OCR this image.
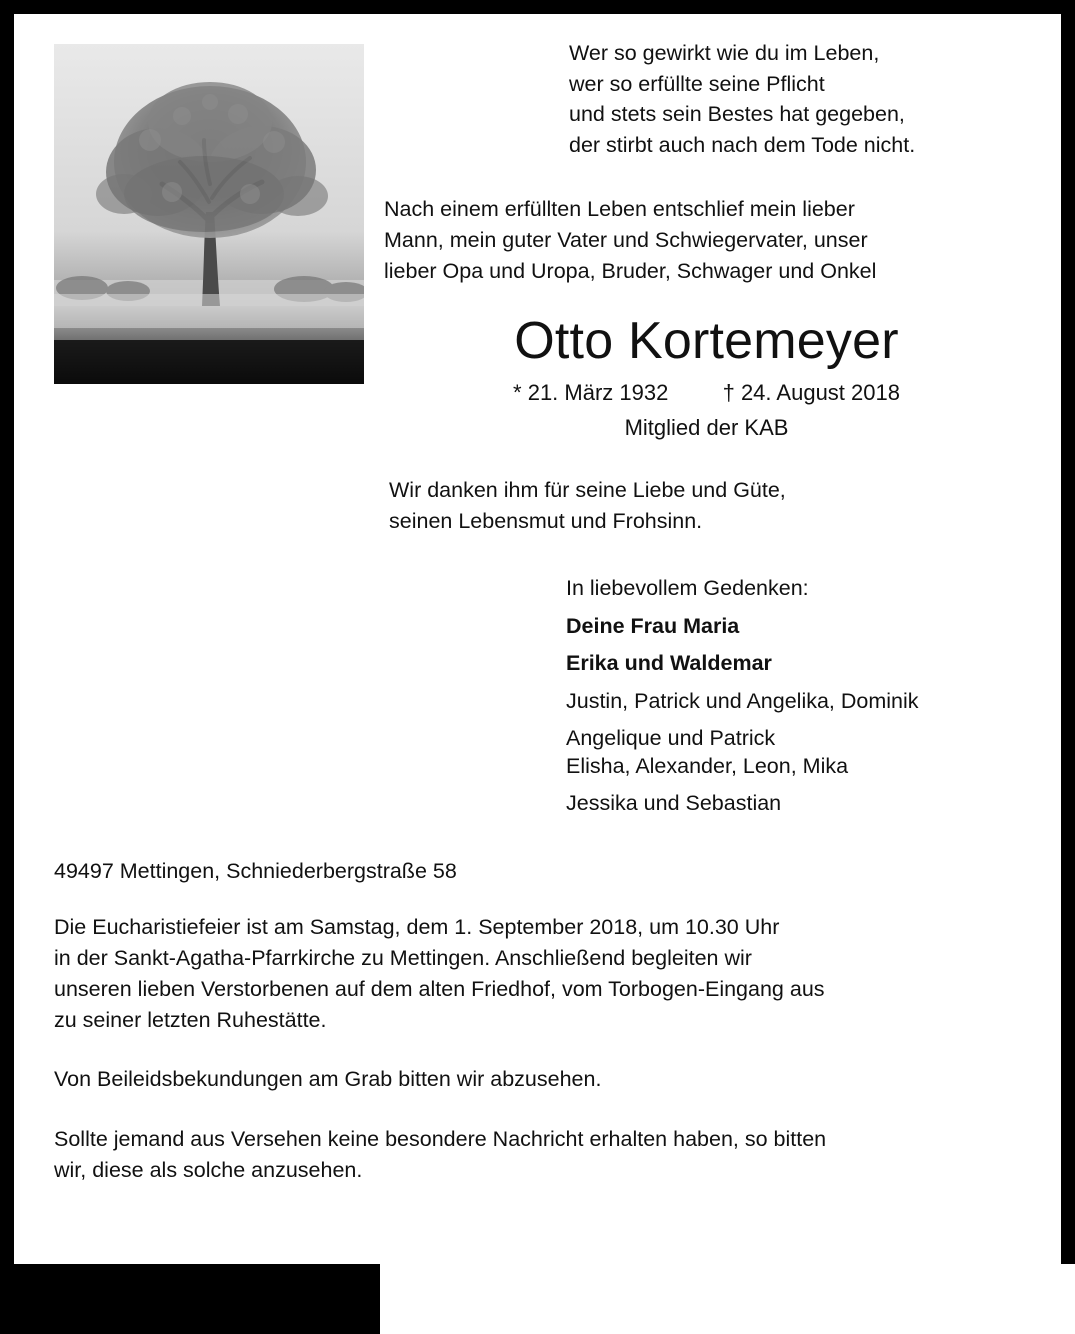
Wer so gewirkt wie du im Leben,
wer so erfüllte seine Pflicht
und stets sein Bestes hat gegeben,
der stirbt auch nach dem Tode nicht.
Nach einem erfüllten Leben entschlief mein lieber
Mann, mein guter Vater und Schwiegervater, unser
lieber Opa und Uropa, Bruder, Schwager und Onkel
Otto Kortemeyer
* 21. März 1932 † 24. August 2018
Mitglied der KAB
Wir danken ihm für seine Liebe und Güte,
seinen Lebensmut und Frohsinn.
In liebevollem Gedenken:
Deine Frau Maria
Erika und Waldemar
Justin, Patrick und Angelika, Dominik
Angelique und Patrick
Elisha, Alexander, Leon, Mika
Jessika und Sebastian
49497 Mettingen, Schniederbergstraße 58
Die Eucharistiefeier ist am Samstag, dem 1. September 2018, um 10.30 Uhr
in der Sankt-Agatha-Pfarrkirche zu Mettingen. Anschließend begleiten wir
unseren lieben Verstorbenen auf dem alten Friedhof, vom Torbogen-Eingang aus
zu seiner letzten Ruhestätte.
Von Beileidsbekundungen am Grab bitten wir abzusehen.
Sollte jemand aus Versehen keine besondere Nachricht erhalten haben, so bitten
wir, diese als solche anzusehen.
